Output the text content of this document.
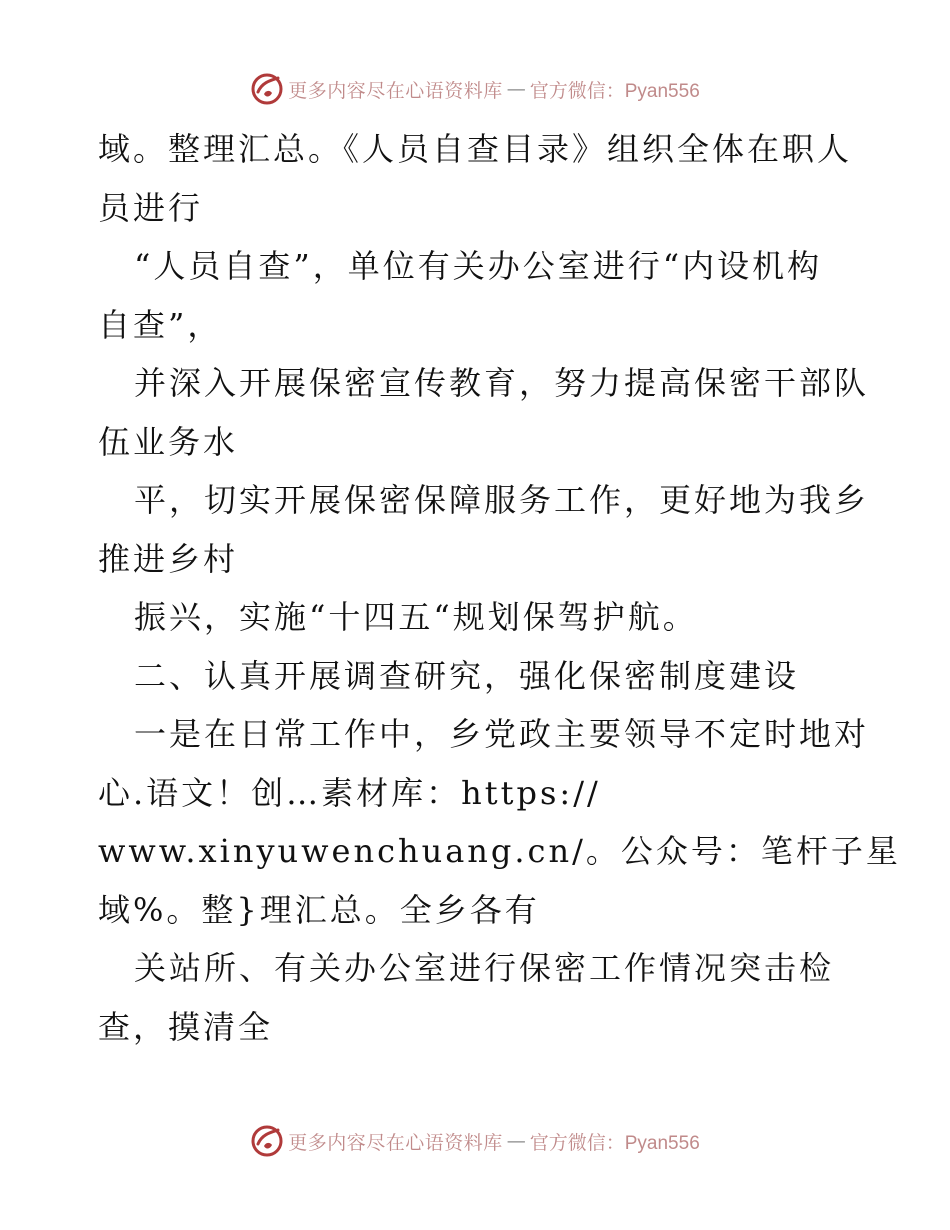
更多内容尽在心语资料库 — 官方微信：Pyan556
域。整理汇总。《人员自查目录》组织全体在职人
员进行
“人员自查”，单位有关办公室进行“内设机构
自查”，
并深入开展保密宣传教育，努力提高保密干部队
伍业务水
平，切实开展保密保障服务工作，更好地为我乡
推进乡村
振兴，实施“十四五“规划保驾护航。
二、认真开展调查研究，强化保密制度建设
一是在日常工作中，乡党政主要领导不定时地对
心.语文！创…素材库：https://
www.xinyuwenchuang.cn/。公众号：笔杆子星
域%。整}理汇总。全乡各有
关站所、有关办公室进行保密工作情况突击检
查，摸清全
更多内容尽在心语资料库 — 官方微信：Pyan556
